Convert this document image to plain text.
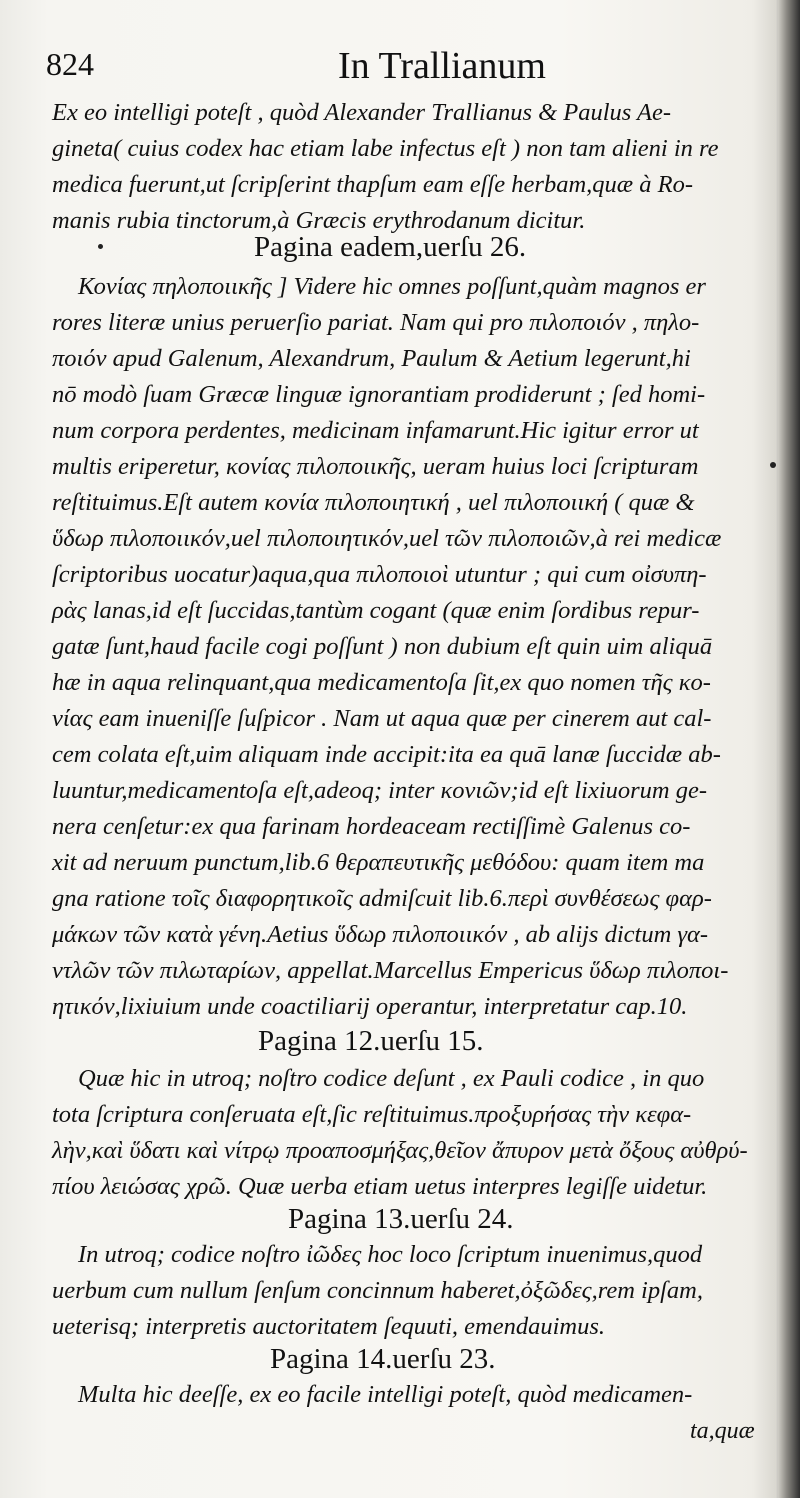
824	In Trallianum
Ex eo intelligi poteſt , quòd Alexander Trallianus & Paulus Ae-
gineta( cuius codex hac etiam labe infectus eſt ) non tam alieni in re
medica fuerunt,ut ſcripſerint thapſum eam eſſe herbam,quæ à Ro-
manis rubia tinctorum,à Græcis erythrodanum dicitur.
Pagina eadem,uerſu 26.
Κονίας πηλοποιικῆς ] Videre hic omnes poſſunt,quàm magnos er
rores literæ unius peruerſio pariat. Nam qui pro πιλοποιόν , πηλο-
ποιόν apud Galenum, Alexandrum, Paulum & Aetium legerunt,hi
nō modò ſuam Græcæ linguæ ignorantiam prodiderunt ; ſed homi-
num corpora perdentes, medicinam infamarunt.Hic igitur error ut
multis eriperetur, κονίας πιλοποιικῆς, ueram huius loci ſcripturam
reſtituimus.Eſt autem κονία πιλοποιητική , uel πιλοποιική ( quæ &
ὕδωρ πιλοποιικόν,uel πιλοποιητικόν,uel τῶν πιλοποιῶν,à rei medicæ
ſcriptoribus uocatur)aqua,qua πιλοποιοὶ utuntur ; qui cum οἰσυπη-
ρὰς lanas,id eſt ſuccidas,tantùm cogant (quæ enim ſordibus repur-
gatæ ſunt,haud facile cogi poſſunt ) non dubium eſt quin uim aliquā
hæ in aqua relinquant,qua medicamentoſa ſit,ex quo nomen τῆς κο-
νίας eam inueniſſe ſuſpicor . Nam ut aqua quæ per cinerem aut cal-
cem colata eſt,uim aliquam inde accipit:ita ea quā lanæ ſuccidæ ab-
luuntur,medicamentoſa eſt,adeoq; inter κονιῶν;id eſt lixiuorum ge-
nera cenſetur:ex qua farinam hordeaceam rectiſſimè Galenus co-
xit ad neruum punctum,lib.6 θεραπευτικῆς μεθόδου: quam item ma
gna ratione τοῖς διαφορητικοῖς admiſcuit lib.6.περὶ συνθέσεως φαρ-
μάκων τῶν κατὰ γένη.Aetius ὕδωρ πιλοποιικόν , ab alijs dictum γα-
ντλῶν τῶν πιλωταρίων, appellat.Marcellus Empericus ὕδωρ πιλοποι-
ητικόν,lixiuium unde coactiliarij operantur, interpretatur cap.10.
Pagina 12.uerſu 15.
Quæ hic in utroq; noſtro codice deſunt , ex Pauli codice , in quo
tota ſcriptura conſeruata eſt,ſic reſtituimus.προξυρήσας τὴν κεφα-
λὴν,καὶ ὕδατι καὶ νίτρῳ προαποσμήξας,θεῖον ἄπυρον μετὰ ὄξους αὐθρύ-
πίου λειώσας χρῶ. Quæ uerba etiam uetus interpres legiſſe uidetur.
Pagina 13.uerſu 24.
In utroq; codice noſtro ἰῶδες hoc loco ſcriptum inuenimus,quod
uerbum cum nullum ſenſum concinnum haberet,ὀξῶδες,rem ipſam,
ueterisq; interpretis auctoritatem ſequuti, emendauimus.
Pagina 14.uerſu 23.
Multa hic deeſſe, ex eo facile intelligi poteſt, quòd medicamen-
ta,quæ
